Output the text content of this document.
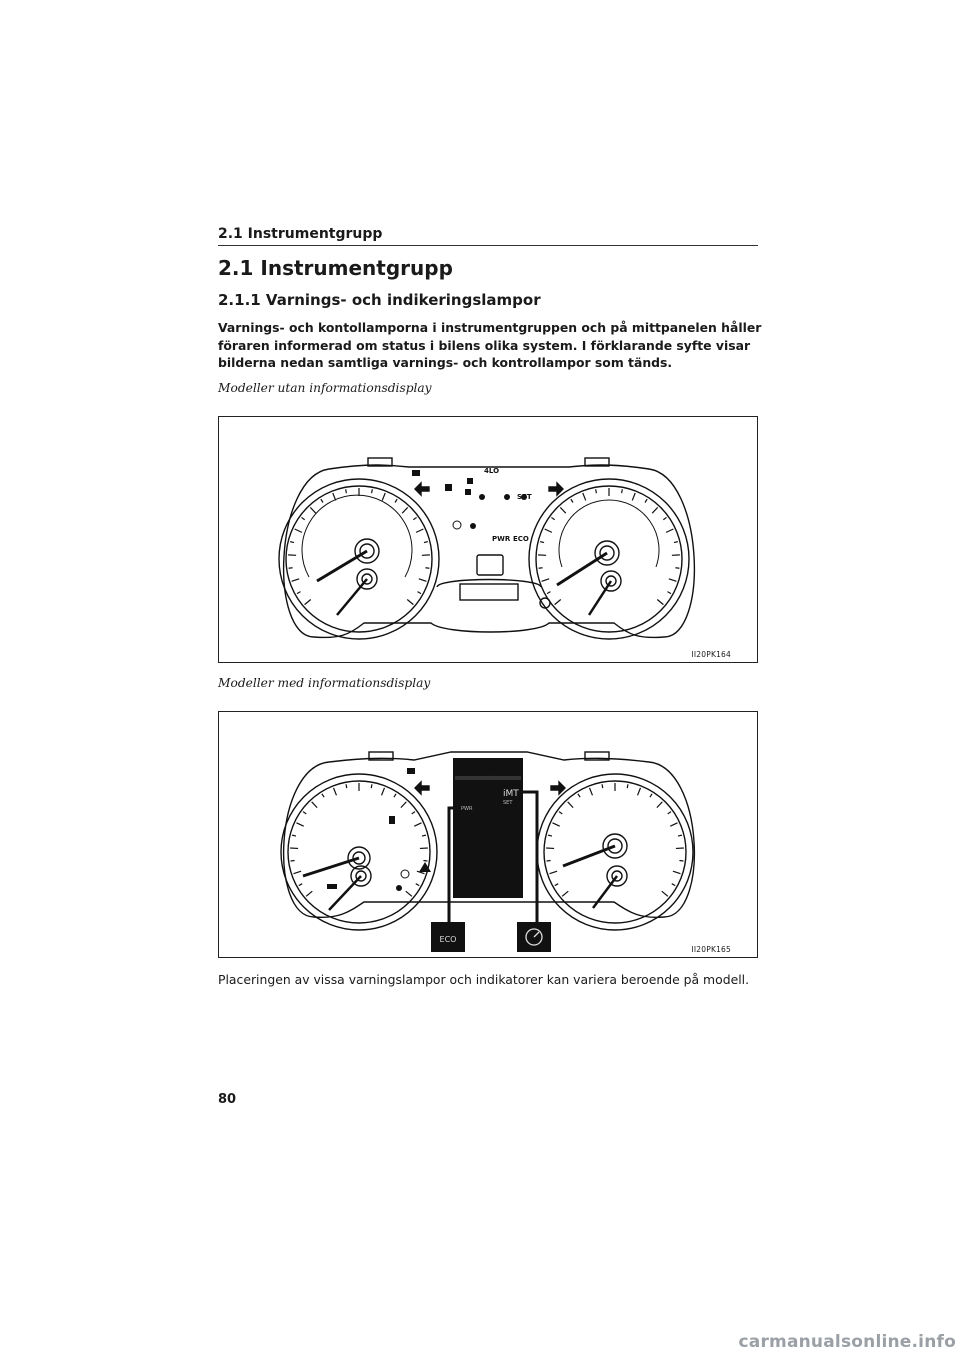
2.1 Instrumentgrupp
2.1 Instrumentgrupp
2.1.1 Varnings- och indikeringslampor
Varnings- och kontollamporna i instrumentgruppen och på mittpanelen håller föraren informerad om status i bilens olika system. I förklarande syfte visar bilderna nedan samtliga varnings- och kontrollampor som tänds.
Modeller utan informationsdisplay
4LO
SET
PWR ECO
II20PK164
Modeller med informationsdisplay
PWR
SET
iMT
4LO
ECO
II20PK165
Placeringen av vissa varningslampor och indikatorer kan variera beroende på modell.
80
carmanualsonline.info
